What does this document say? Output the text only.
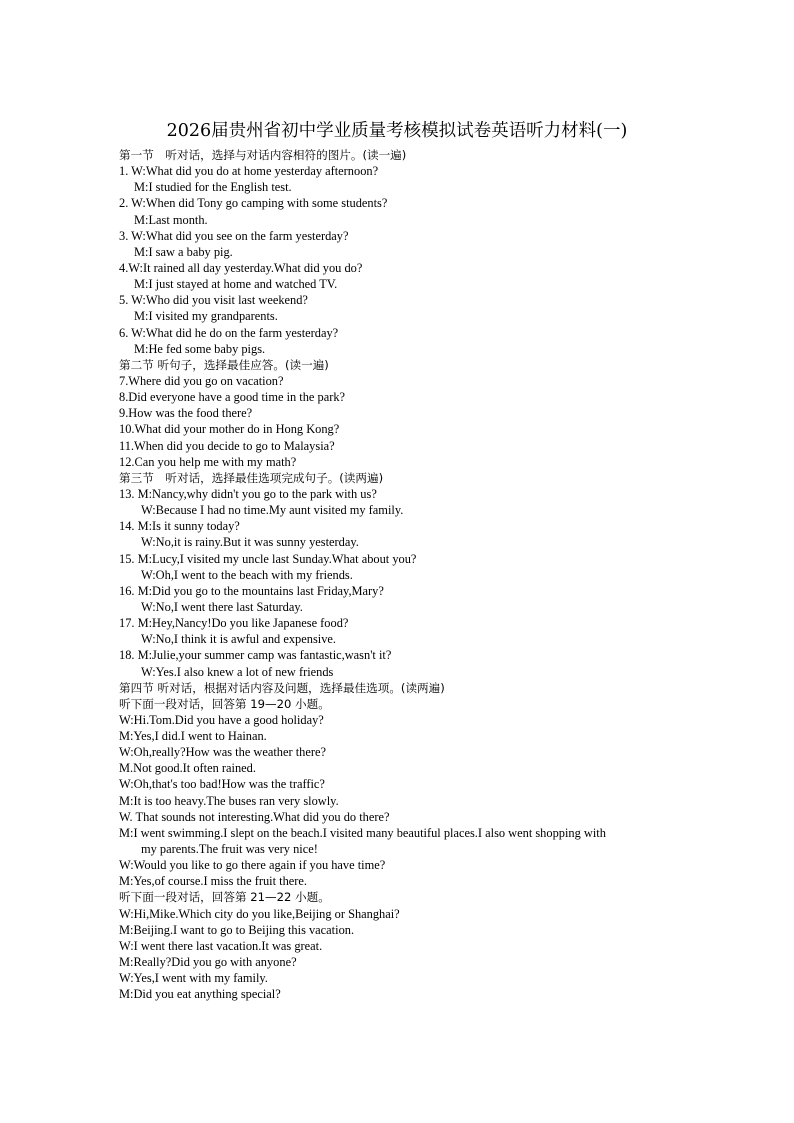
2026届贵州省初中学业质量考核模拟试卷英语听力材料(一)
第一节　听对话，选择与对话内容相符的图片。(读一遍)
1. W:What did you do at home yesterday afternoon?
M:I studied for the English test.
2. W:When did Tony go camping with some students?
M:Last month.
3. W:What did you see on the farm yesterday?
M:I saw a baby pig.
4.W:It rained all day yesterday.What did you do?
M:I just stayed at home and watched TV.
5. W:Who did you visit last weekend?
M:I visited my grandparents.
6. W:What did he do on the farm yesterday?
M:He fed some baby pigs.
第二节 听句子，选择最佳应答。(读一遍)
7.Where did you go on vacation?
8.Did everyone have a good time in the park?
9.How was the food there?
10.What did your mother do in Hong Kong?
11.When did you decide to go to Malaysia?
12.Can you help me with my math?
第三节　听对话，选择最佳选项完成句子。(读两遍)
13. M:Nancy,why didn't you go to the park with us?
W:Because I had no time.My aunt visited my family.
14. M:Is it sunny today?
W:No,it is rainy.But it was sunny yesterday.
15. M:Lucy,I visited my uncle last Sunday.What about you?
W:Oh,I went to the beach with my friends.
16. M:Did you go to the mountains last Friday,Mary?
W:No,I went there last Saturday.
17. M:Hey,Nancy!Do you like Japanese food?
W:No,I think it is awful and expensive.
18. M:Julie,your summer camp was fantastic,wasn't it?
W:Yes.I also knew a lot of new friends
第四节 听对话，根据对话内容及问题，选择最佳选项。(读两遍)
听下面一段对话，回答第 19—20 小题。
W:Hi.Tom.Did you have a good holiday?
M:Yes,I did.I went to Hainan.
W:Oh,really?How was the weather there?
M.Not good.It often rained.
W:Oh,that's too bad!How was the traffic?
M:It is too heavy.The buses ran very slowly.
W. That sounds not interesting.What did you do there?
M:I went swimming.I slept on the beach.I visited many beautiful places.I also went shopping with
my parents.The fruit was very nice!
W:Would you like to go there again if you have time?
M:Yes,of course.I miss the fruit there.
听下面一段对话，回答第 21—22 小题。
W:Hi,Mike.Which city do you like,Beijing or Shanghai?
M:Beijing.I want to go to Beijing this vacation.
W:I went there last vacation.It was great.
M:Really?Did you go with anyone?
W:Yes,I went with my family.
M:Did you eat anything special?
